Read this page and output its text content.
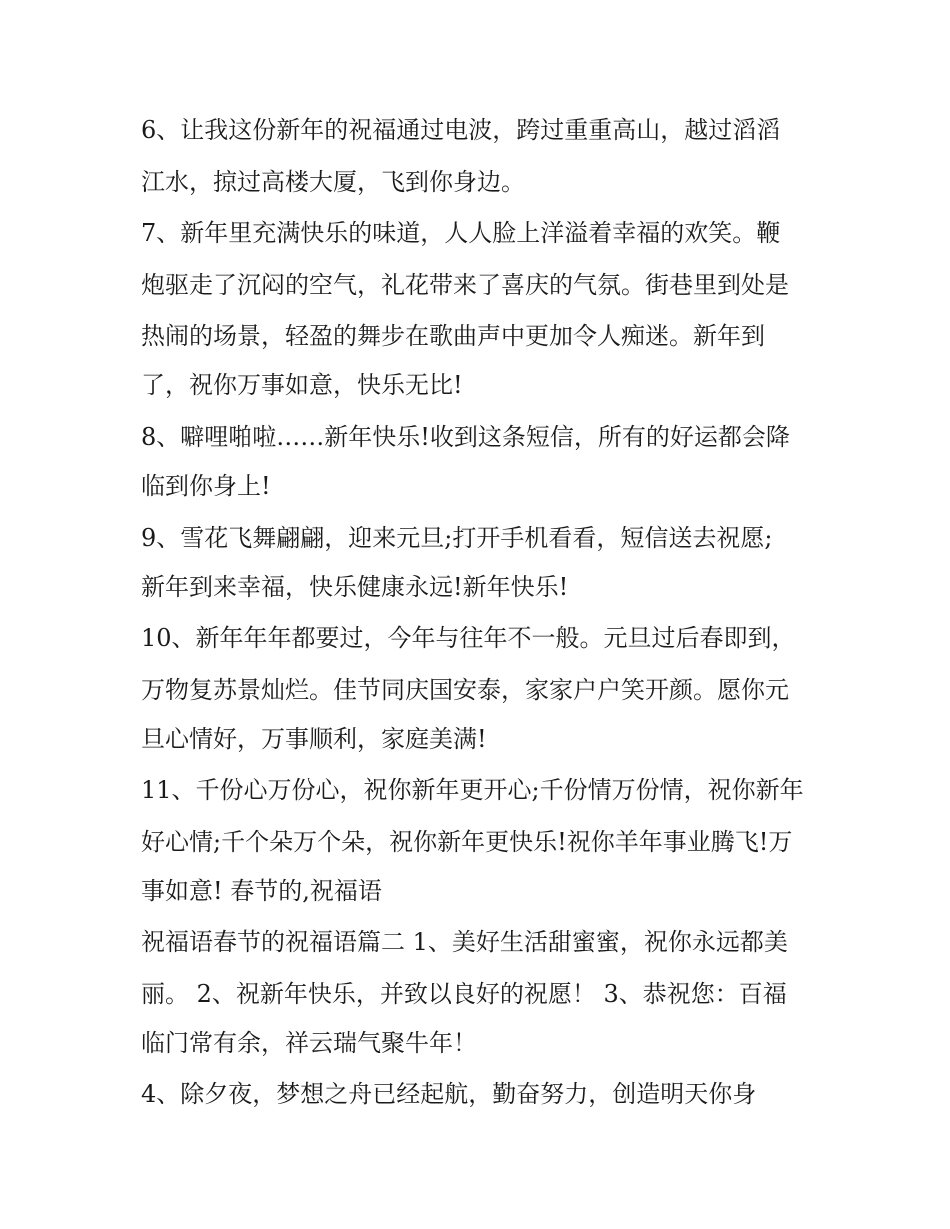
6、让我这份新年的祝福通过电波，跨过重重高山，越过滔滔
江水，掠过高楼大厦，飞到你身边。
7、新年里充满快乐的味道，人人脸上洋溢着幸福的欢笑。鞭
炮驱走了沉闷的空气，礼花带来了喜庆的气氛。街巷里到处是
热闹的场景，轻盈的舞步在歌曲声中更加令人痴迷。新年到
了，祝你万事如意，快乐无比!
8、噼哩啪啦……新年快乐!收到这条短信，所有的好运都会降
临到你身上!
9、雪花飞舞翩翩，迎来元旦;打开手机看看，短信送去祝愿;
新年到来幸福，快乐健康永远!新年快乐!
10、新年年年都要过，今年与往年不一般。元旦过后春即到，
万物复苏景灿烂。佳节同庆国安泰，家家户户笑开颜。愿你元
旦心情好，万事顺利，家庭美满!
11、千份心万份心，祝你新年更开心;千份情万份情，祝你新年
好心情;千个朵万个朵，祝你新年更快乐!祝你羊年事业腾飞!万
事如意! 春节的,祝福语
祝福语春节的祝福语篇二 1、美好生活甜蜜蜜，祝你永远都美
丽。 2、祝新年快乐，并致以良好的祝愿！ 3、恭祝您：百福
临门常有余，祥云瑞气聚牛年！
4、除夕夜，梦想之舟已经起航，勤奋努力，创造明天你身
